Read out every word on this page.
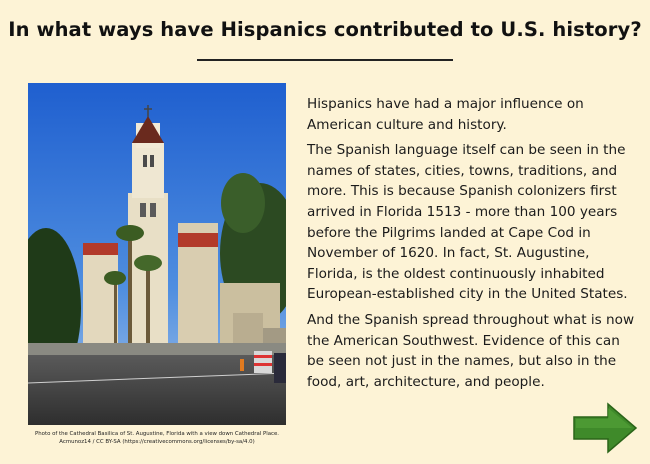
In what ways have Hispanics contributed to U.S. history?
Photo of the Cathedral Basilica of St. Augustine, Florida with a view down Cathedral Place.
Acmunoz14 / CC BY-SA (https://creativecommons.org/licenses/by-sa/4.0)

Hispanics have had a major influence on American culture and history.

The Spanish language itself can be seen in the names of states, cities, towns, traditions, and more. This is because Spanish colonizers first arrived in Florida 1513 - more than 100 years before the Pilgrims landed at Cape Cod in November of 1620. In fact, St. Augustine, Florida, is the oldest continuously inhabited European-established city in the United States.

And the Spanish spread throughout what is now the American Southwest. Evidence of this can be seen not just in the names, but also in the food, art, architecture, and people.
